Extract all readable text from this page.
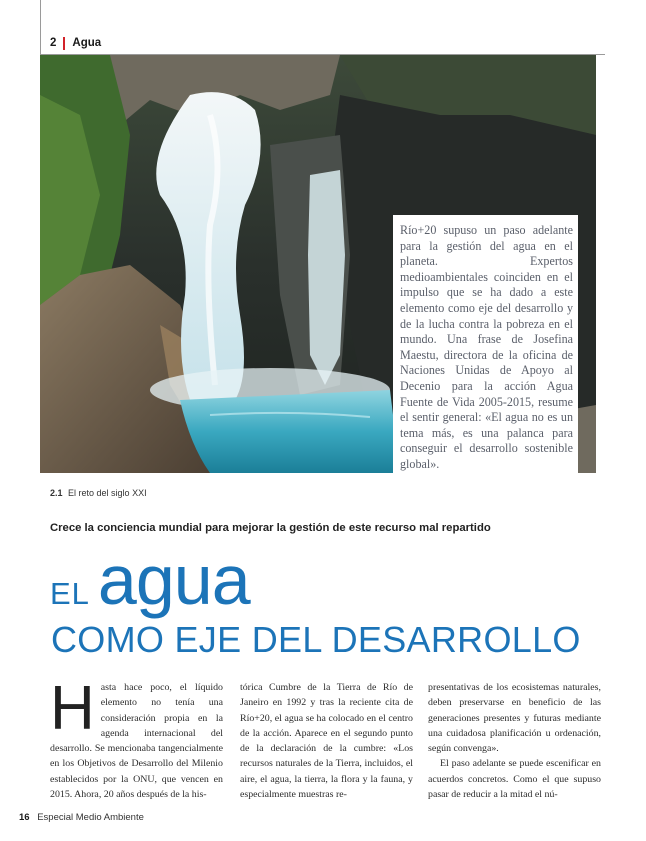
2 Agua

Río+20 supuso un paso adelante para la gestión del agua en el planeta. Expertos medioambientales coinciden en el impulso que se ha dado a este elemento como eje del desarrollo y de la lucha contra la pobreza en el mundo. Una frase de Josefina Maestu, directora de la oficina de Naciones Unidas de Apoyo al Decenio para la acción Agua Fuente de Vida 2005-2015, resume el sentir general: «El agua no es un tema más, es una palanca para conseguir el desarrollo sostenible global».

2.1 El reto del siglo XXI
Crece la conciencia mundial para mejorar la gestión de este recurso mal repartido
EL agua
COMO EJE DEL DESARROLLO
H asta hace poco, el líquido elemento no tenía una consideración propia en la agenda internacional del desarrollo. Se mencionaba tangencialmente en los Objetivos de Desarrollo del Milenio establecidos por la ONU, que vencen en 2015. Ahora, 20 años después de la his-

tórica Cumbre de la Tierra de Río de Janeiro en 1992 y tras la reciente cita de Río+20, el agua se ha colocado en el centro de la acción. Aparece en el segundo punto de la declaración de la cumbre: «Los recursos naturales de la Tierra, incluidos, el aire, el agua, la tierra, la flora y la fauna, y especialmente muestras re-

presentativas de los ecosistemas naturales, deben preservarse en beneficio de las generaciones presentes y futuras mediante una cuidadosa planificación u ordenación, según convenga».

El paso adelante se puede escenificar en acuerdos concretos. Como el que supuso pasar de reducir a la mitad el nú-

16 Especial Medio Ambiente
